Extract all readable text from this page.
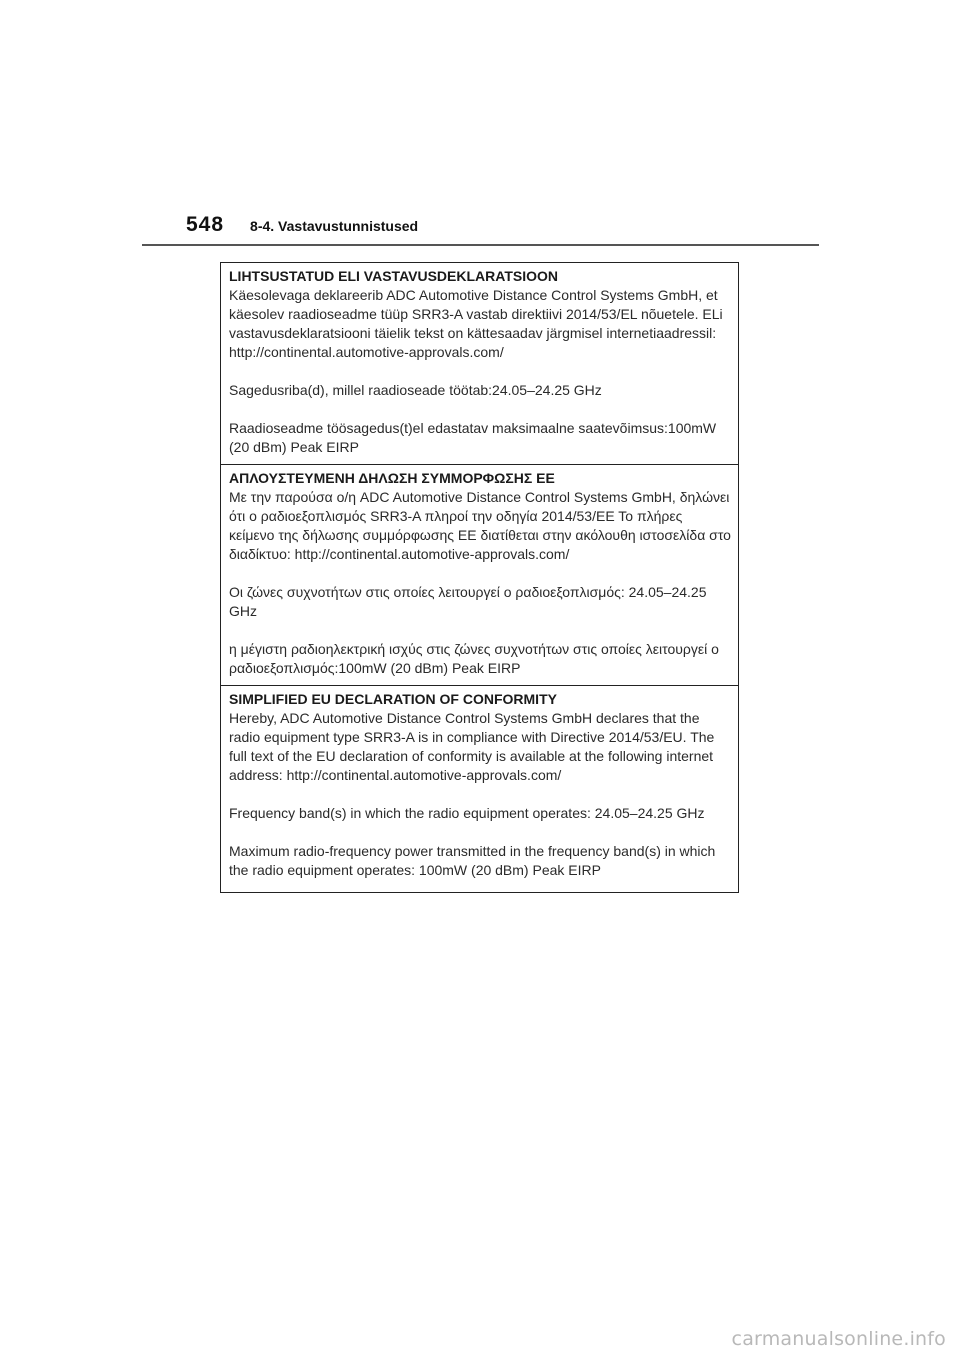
548 8-4. Vastavustunnistused
LIHTSUSTATUD ELI VASTAVUSDEKLARATSIOON

Käesolevaga deklareerib ADC Automotive Distance Control Systems GmbH, et käesolev raadioseadme tüüp SRR3-A vastab direktiivi 2014/53/EL nõuetele. ELi vastavusdeklaratsiooni täielik tekst on kättesaadav järgmisel internetiaadressil: http://continental.automotive-approvals.com/

Sagedusriba(d), millel raadioseade töötab:24.05–24.25 GHz

Raadioseadme töösagedus(t)el edastatav maksimaalne saatevõimsus:100mW (20 dBm) Peak EIRP

ΑΠΛΟΥΣΤΕΥΜΕΝΗ ΔΗΛΩΣΗ ΣΥΜΜΟΡΦΩΣΗΣ ΕΕ

Με την παρούσα ο/η ADC Automotive Distance Control Systems GmbH, δηλώνει ότι ο ραδιοεξοπλισμός SRR3-A πληροί την οδηγία 2014/53/ΕΕ Το πλήρες κείμενο της δήλωσης συμμόρφωσης ΕΕ διατίθεται στην ακόλουθη ιστοσελίδα στο διαδίκτυο: http://continental.automotive-approvals.com/

Οι ζώνες συχνοτήτων στις οποίες λειτουργεί ο ραδιοεξοπλισμός: 24.05–24.25 GHz

η μέγιστη ραδιοηλεκτρική ισχύς στις ζώνες συχνοτήτων στις οποίες λειτουργεί ο ραδιοεξοπλισμός:100mW (20 dBm) Peak EIRP

SIMPLIFIED EU DECLARATION OF CONFORMITY

Hereby, ADC Automotive Distance Control Systems GmbH declares that the radio equipment type SRR3-A is in compliance with Directive 2014/53/EU. The full text of the EU declaration of conformity is available at the following internet address: http://continental.automotive-approvals.com/

Frequency band(s) in which the radio equipment operates: 24.05–24.25 GHz

Maximum radio-frequency power transmitted in the frequency band(s) in which the radio equipment operates: 100mW (20 dBm) Peak EIRP

carmanualsonline.info
